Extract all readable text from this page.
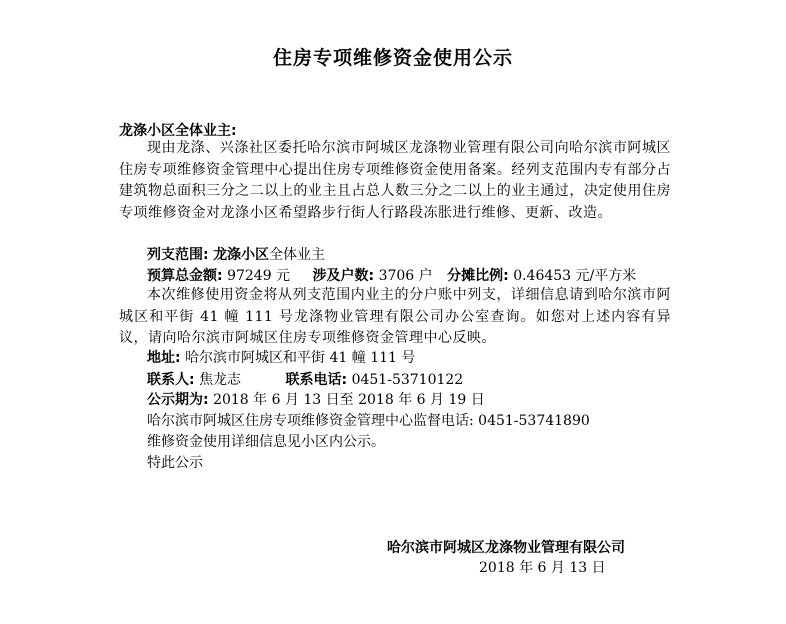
住房专项维修资金使用公示
龙涤小区全体业主:
现由龙涤、兴涤社区委托哈尔滨市阿城区龙涤物业管理有限公司向哈尔滨市阿城区住房专项维修资金管理中心提出住房专项维修资金使用备案。经列支范围内专有部分占建筑物总面积三分之二以上的业主且占总人数三分之二以上的业主通过，决定使用住房专项维修资金对龙涤小区希望路步行街人行路段冻胀进行维修、更新、改造。
列支范围: 龙涤小区全体业主
预算总金额: 97249 元 涉及户数: 3706 户 分摊比例: 0.46453 元/平方米
本次维修使用资金将从列支范围内业主的分户账中列支，详细信息请到哈尔滨市阿城区和平街 41 幢 111 号龙涤物业管理有限公司办公室查询。如您对上述内容有异议，请向哈尔滨市阿城区住房专项维修资金管理中心反映。
地址: 哈尔滨市阿城区和平街 41 幢 111 号
联系人: 焦龙志	联系电话: 0451-53710122
公示期为: 2018 年 6 月 13 日至 2018 年 6 月 19 日
哈尔滨市阿城区住房专项维修资金管理中心监督电话: 0451-53741890
维修资金使用详细信息见小区内公示。
特此公示
哈尔滨市阿城区龙涤物业管理有限公司
2018 年 6 月 13 日
